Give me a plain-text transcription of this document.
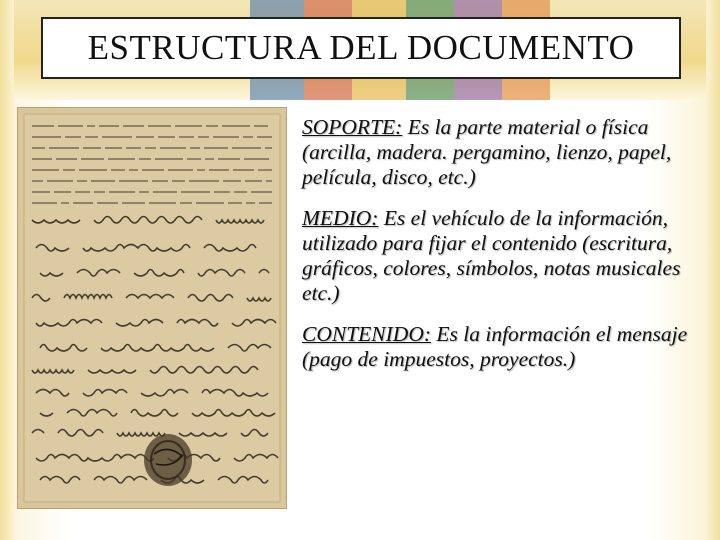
ESTRUCTURA DEL DOCUMENTO

SOPORTE: Es la parte material o física (arcilla, madera. pergamino, lienzo, papel, película, disco, etc.)

MEDIO: Es el vehículo de la información, utilizado para fijar el contenido (escritura, gráficos, colores, símbolos, notas musicales etc.)

CONTENIDO: Es la información el mensaje (pago de impuestos, proyectos.)
